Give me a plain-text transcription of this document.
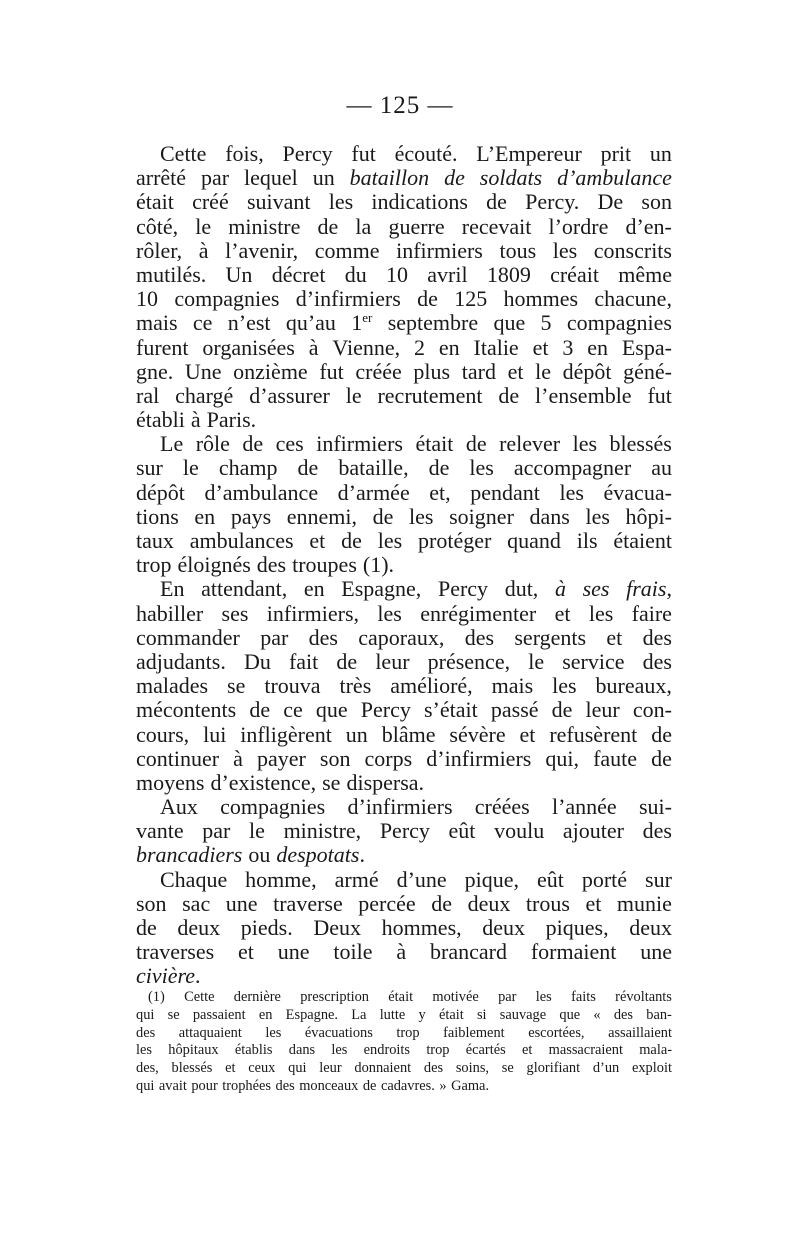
— 125 —
Cette fois, Percy fut écouté. L’Empereur prit un
arrêté par lequel un bataillon de soldats d’ambulance
était créé suivant les indications de Percy. De son
côté, le ministre de la guerre recevait l’ordre d’en-
rôler, à l’avenir, comme infirmiers tous les conscrits
mutilés. Un décret du 10 avril 1809 créait même
10 compagnies d’infirmiers de 125 hommes chacune,
mais ce n’est qu’au 1er septembre que 5 compagnies
furent organisées à Vienne, 2 en Italie et 3 en Espa-
gne. Une onzième fut créée plus tard et le dépôt géné-
ral chargé d’assurer le recrutement de l’ensemble fut
établi à Paris.
Le rôle de ces infirmiers était de relever les blessés
sur le champ de bataille, de les accompagner au
dépôt d’ambulance d’armée et, pendant les évacua-
tions en pays ennemi, de les soigner dans les hôpi-
taux ambulances et de les protéger quand ils étaient
trop éloignés des troupes (1).
En attendant, en Espagne, Percy dut, à ses frais,
habiller ses infirmiers, les enrégimenter et les faire
commander par des caporaux, des sergents et des
adjudants. Du fait de leur présence, le service des
malades se trouva très amélioré, mais les bureaux,
mécontents de ce que Percy s’était passé de leur con-
cours, lui infligèrent un blâme sévère et refusèrent de
continuer à payer son corps d’infirmiers qui, faute de
moyens d’existence, se dispersa.
Aux compagnies d’infirmiers créées l’année sui-
vante par le ministre, Percy eût voulu ajouter des
brancadiers ou despotats.
Chaque homme, armé d’une pique, eût porté sur
son sac une traverse percée de deux trous et munie
de deux pieds. Deux hommes, deux piques, deux
traverses et une toile à brancard formaient une
civière.
(1) Cette dernière prescription était motivée par les faits révoltants
qui se passaient en Espagne. La lutte y était si sauvage que « des ban-
des attaquaient les évacuations trop faiblement escortées, assaillaient
les hôpitaux établis dans les endroits trop écartés et massacraient mala-
des, blessés et ceux qui leur donnaient des soins, se glorifiant d’un exploit
qui avait pour trophées des monceaux de cadavres. » Gama.
